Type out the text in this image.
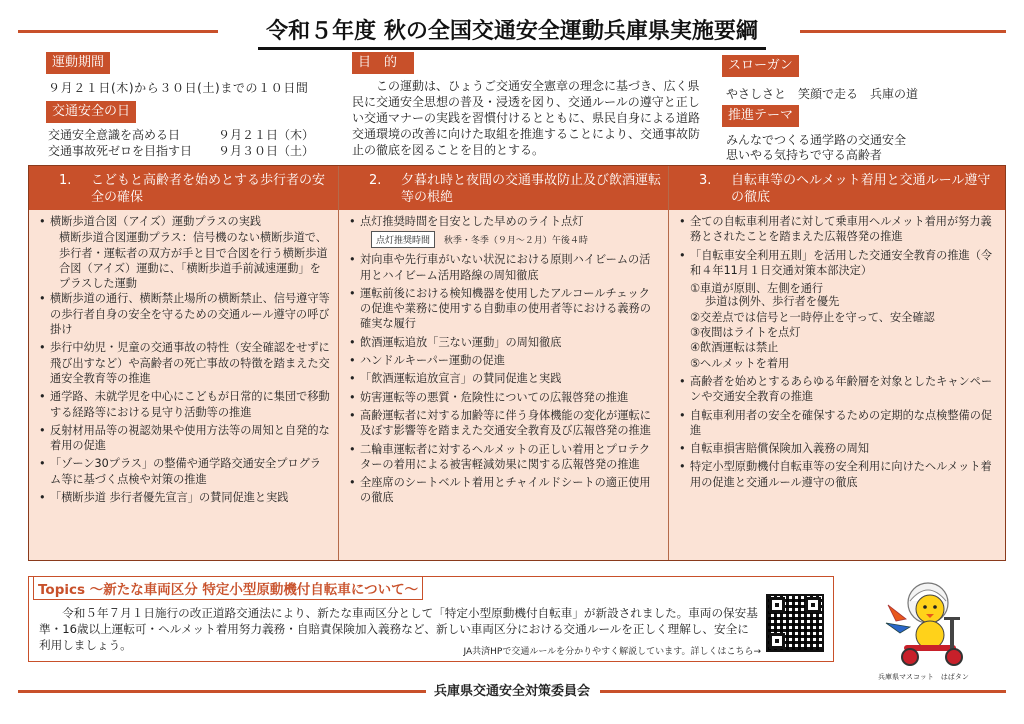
令和５年度 秋の全国交通安全運動兵庫県実施要綱
運動期間
９月２１日(木)から３０日(土)までの１０日間
交通安全の日
交通安全意識を高める日	９月２１日（木）
交通事故死ゼロを目指す日 ９月３０日（土）
目　的

この運動は、ひょうご交通安全憲章の理念に基づき、広く県民に交通安全思想の普及・浸透を図り、交通ルールの遵守と正しい交通マナーの実践を習慣付けるとともに、県民自身による道路交通環境の改善に向けた取組を推進することにより、交通事故防止の徹底を図ることを目的とする。

スローガン
やさしさと　笑顔で走る　兵庫の道
推進テーマ
みんなでつくる通学路の交通安全
思いやる気持ちで守る高齢者
1.	こどもと高齢者を始めとする歩行者の安全の確保
• 横断歩道合図（アイズ）運動プラスの実践
横断歩道合図運動プラス：信号機のない横断歩道で、歩行者・運転者の双方が手と目で合図を行う横断歩道合図（アイズ）運動に、「横断歩道手前減速運動」をプラスした運動
• 横断歩道の通行、横断禁止場所の横断禁止、信号遵守等の歩行者自身の安全を守るための交通ルール遵守の呼び掛け
• 歩行中幼児・児童の交通事故の特性（安全確認をせずに飛び出すなど）や高齢者の死亡事故の特徴を踏まえた交通安全教育等の推進
• 通学路、未就学児を中心にこどもが日常的に集団で移動する経路等における見守り活動等の推進
• 反射材用品等の視認効果や使用方法等の周知と自発的な着用の促進
• 「ゾーン30プラス」の整備や通学路交通安全プログラム等に基づく点検や対策の推進
• 「横断歩道 歩行者優先宣言」の賛同促進と実践
2.	夕暮れ時と夜間の交通事故防止及び飲酒運転等の根絶
• 点灯推奨時間を目安とした早めのライト点灯
点灯推奨時間 秋季・冬季（９月～２月）午後４時
• 対向車や先行車がいない状況における原則ハイビームの活用とハイビーム活用路線の周知徹底
• 運転前後における検知機器を使用したアルコールチェックの促進や業務に使用する自動車の使用者等における義務の確実な履行
• 飲酒運転追放「三ない運動」の周知徹底
• ハンドルキーパー運動の促進
• 「飲酒運転追放宣言」の賛同促進と実践
• 妨害運転等の悪質・危険性についての広報啓発の推進
• 高齢運転者に対する加齢等に伴う身体機能の変化が運転に及ぼす影響等を踏まえた交通安全教育及び広報啓発の推進
• 二輪車運転者に対するヘルメットの正しい着用とプロテクターの着用による被害軽減効果に関する広報啓発の推進
• 全座席のシートベルト着用とチャイルドシートの適正使用の徹底
3.	自転車等のヘルメット着用と交通ルール遵守の徹底
• 全ての自転車利用者に対して乗車用ヘルメット着用が努力義務とされたことを踏まえた広報啓発の推進
• 「自転車安全利用五則」を活用した交通安全教育の推進（令和４年11月１日交通対策本部決定）
①車道が原則、左側を通行
歩道は例外、歩行者を優先
②交差点では信号と一時停止を守って、安全確認
③夜間はライトを点灯
④飲酒運転は禁止
⑤ヘルメットを着用
• 高齢者を始めとするあらゆる年齢層を対象としたキャンペーンや交通安全教育の推進
• 自転車利用者の安全を確保するための定期的な点検整備の促進
• 自転車損害賠償保険加入義務の周知
• 特定小型原動機付自転車等の安全利用に向けたヘルメット着用の促進と交通ルール遵守の徹底
Topics ～新たな車両区分 特定小型原動機付自転車について～

令和５年７月１日施行の改正道路交通法により、新たな車両区分として「特定小型原動機付自転車」が新設されました。車両の保安基準・16歳以上運転可・ヘルメット着用努力義務・自賠責保険加入義務など、新しい車両区分における交通ルールを正しく理解し、安全に利用しましょう。	JA共済HPで交通ルールを分かりやすく解説しています。詳しくはこちら→
兵庫県マスコット　はばタン
兵庫県交通安全対策委員会
